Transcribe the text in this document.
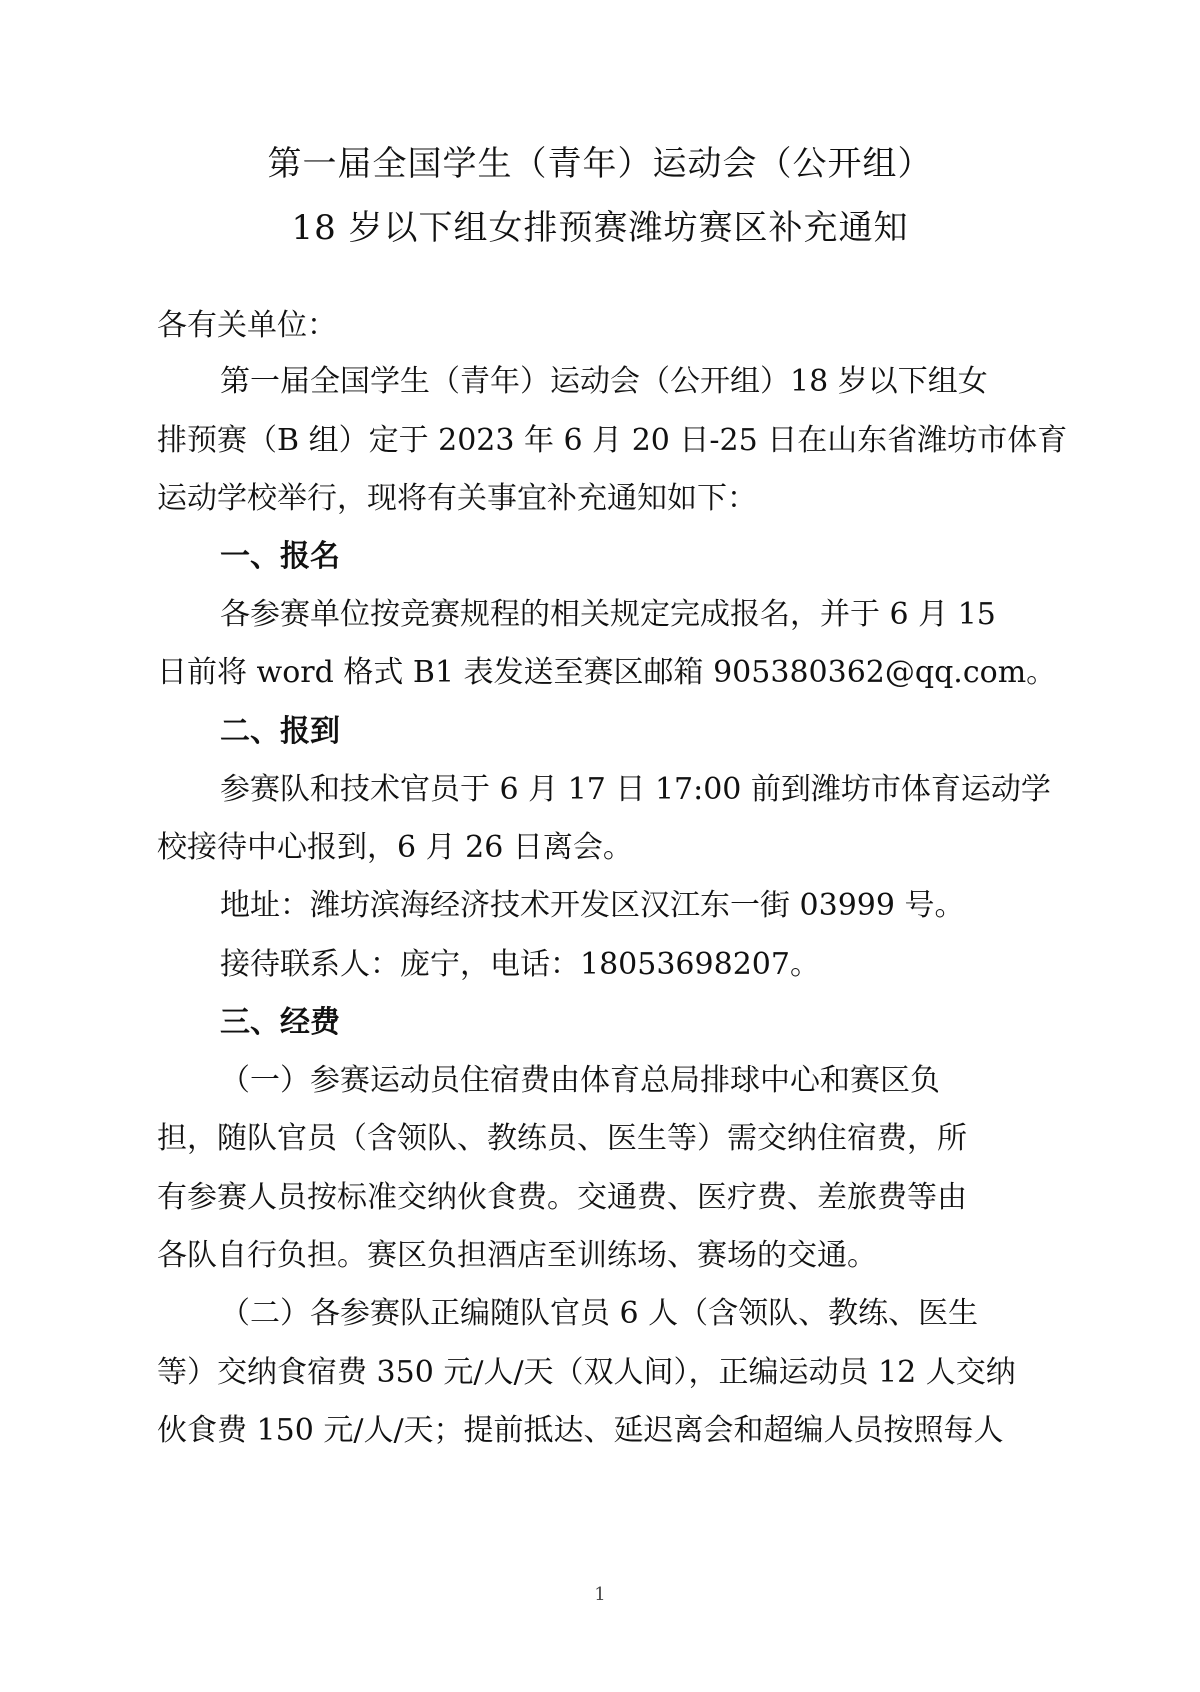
第一届全国学生（青年）运动会（公开组）
18 岁以下组女排预赛潍坊赛区补充通知
各有关单位：
第一届全国学生（青年）运动会（公开组）18 岁以下组女
排预赛（B 组）定于 2023 年 6 月 20 日-25 日在山东省潍坊市体育
运动学校举行，现将有关事宜补充通知如下：
一、报名
各参赛单位按竞赛规程的相关规定完成报名，并于 6 月 15
日前将 word 格式 B1 表发送至赛区邮箱 905380362@qq.com。
二、报到
参赛队和技术官员于 6 月 17 日 17:00 前到潍坊市体育运动学
校接待中心报到，6 月 26 日离会。
地址：潍坊滨海经济技术开发区汉江东一街 03999 号。
接待联系人：庞宁，电话：18053698207。
三、经费
（一）参赛运动员住宿费由体育总局排球中心和赛区负
担，随队官员（含领队、教练员、医生等）需交纳住宿费，所
有参赛人员按标准交纳伙食费。交通费、医疗费、差旅费等由
各队自行负担。赛区负担酒店至训练场、赛场的交通。
（二）各参赛队正编随队官员 6 人（含领队、教练、医生
等）交纳食宿费 350 元/人/天（双人间），正编运动员 12 人交纳
伙食费 150 元/人/天；提前抵达、延迟离会和超编人员按照每人
1
